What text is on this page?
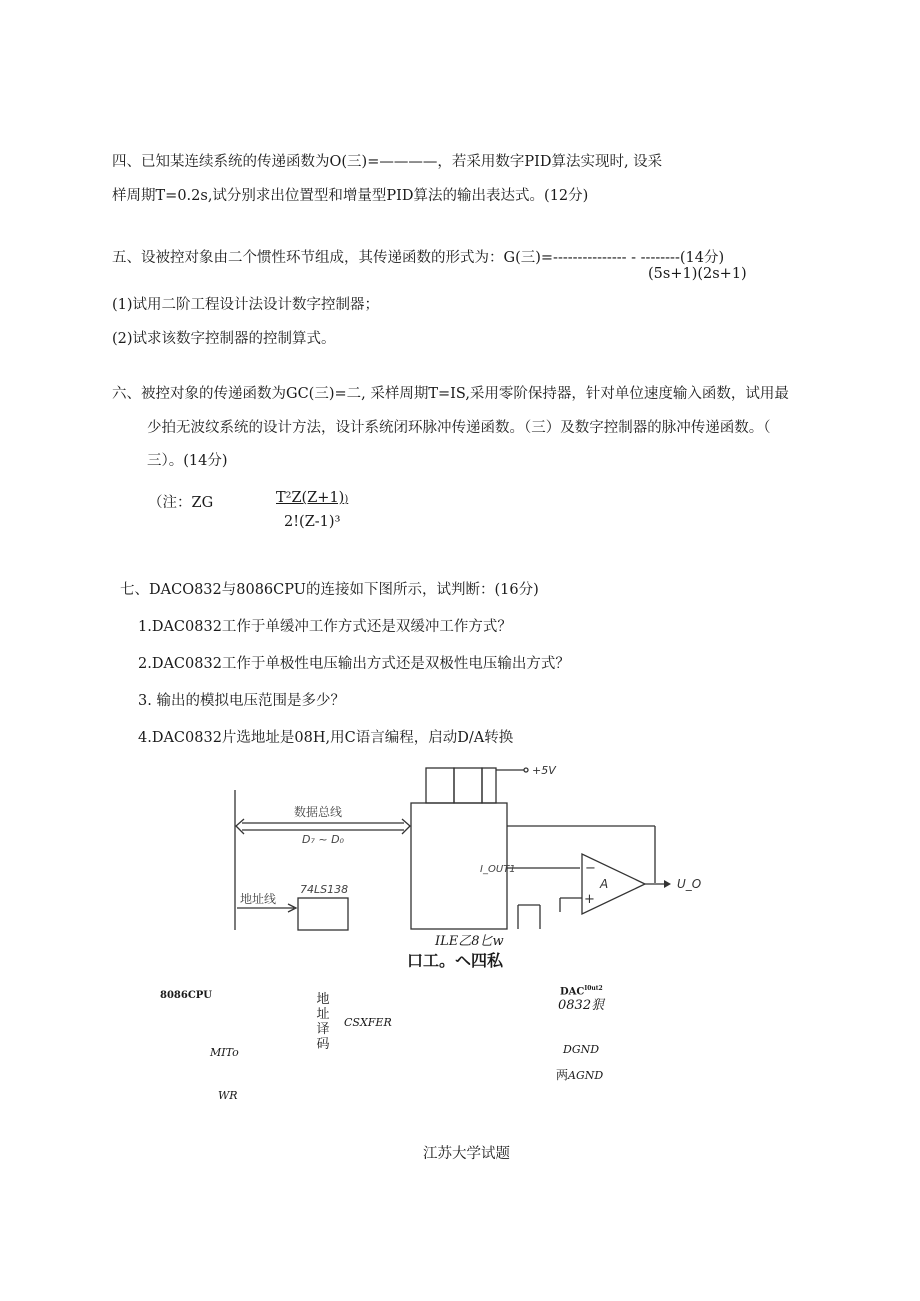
四、已知某连续系统的传递函数为O(三)=————，若采用数字PID算法实现时, 设采
样周期T=0.2s,试分别求出位置型和增量型PID算法的输出表达式。(12分)
五、设被控对象由二个惯性环节组成，其传递函数的形式为：G(三)=--------------- - --------(14分)
(5s+1)(2s+1)
(1)试用二阶工程设计法设计数字控制器；
(2)试求该数字控制器的控制算式。
六、被控对象的传递函数为GC(三)=二, 采样周期T=IS,采用零阶保持器，针对单位速度输入函数，试用最
少拍无波纹系统的设计方法，设计系统闭环脉冲传递函数。（三）及数字控制器的脉冲传递函数。（
三）。(14分)
（注：ZG	T²Z(Z+1))
2!(Z-1)³
七、DACO832与8086CPU的连接如下图所示，试判断：(16分)
1.DAC0832工作于单缓冲工作方式还是双缓冲工作方式？
2.DAC0832工作于单极性电压输出方式还是双极性电压输出方式？
3. 输出的模拟电压范围是多少？
4.DAC0832片选地址是08H,用C语言编程，启动D/A转换
+5V
数据总线
D₇ ~ D₀
地址线
74LS138
I_OUT1	−
+
A	U_O
ILE乙8匕w
口工。ヘ四私
8086CPU	$DAC^{I0ut2}$
0832狠
地
址
译
码
CSXFER
MITo	DGND
两AGND
WR
江苏大学试题
